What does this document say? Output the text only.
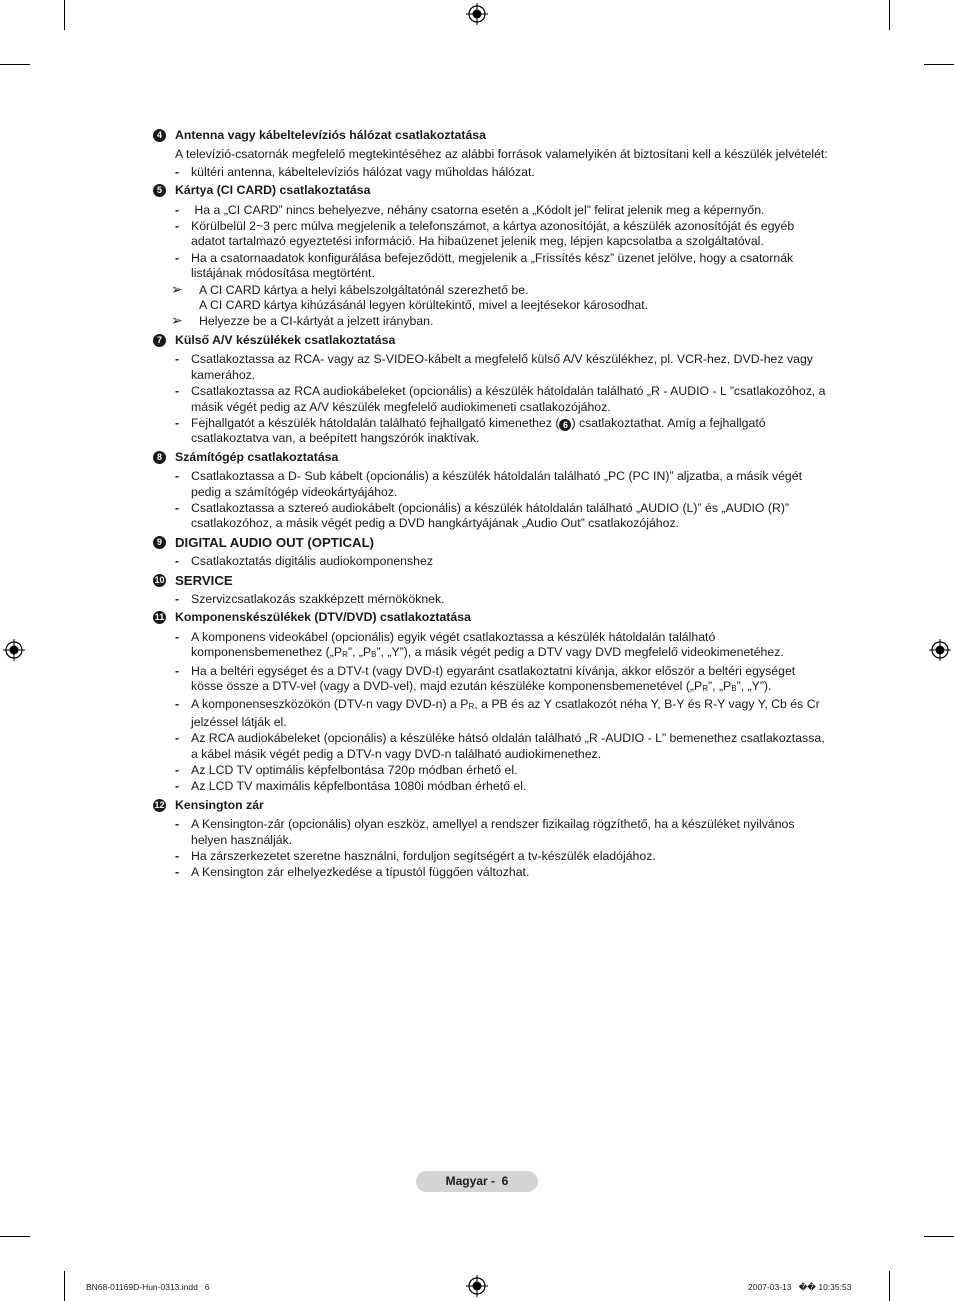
4	Antenna vagy kábeltelevíziós hálózat csatlakoztatása
A televízió-csatornák megfelelő megtekintéséhez az alábbi források valamelyikén át biztosítani kell a készülék jelvételét:
- kültéri antenna, kábeltelevíziós hálózat vagy műholdas hálózat.
5	Kártya (CI CARD) csatlakoztatása
- Ha a „CI CARD” nincs behelyezve, néhány csatorna esetén a „Kódolt jel” felirat jelenik meg a képernyőn.
- Körülbelül 2~3 perc múlva megjelenik a telefonszámot, a kártya azonosítóját, a készülék azonosítóját és egyéb adatot tartalmazó egyeztetési információ. Ha hibaüzenet jelenik meg, lépjen kapcsolatba a szolgáltatóval.
- Ha a csatornaadatok konfigurálása befejeződött, megjelenik a „Frissítés kész” üzenet jelölve, hogy a csatornák listájának módosítása megtörtént.
➢ A CI CARD kártya a helyi kábelszolgáltatónál szerezhető be.
A CI CARD kártya kihúzásánál legyen körültekintő, mivel a leejtésekor károsodhat.
➢ Helyezze be a CI-kártyát a jelzett irányban.
7	Külső A/V készülékek csatlakoztatása
- Csatlakoztassa az RCA- vagy az S-VIDEO-kábelt a megfelelő külső A/V készülékhez, pl. VCR-hez, DVD-hez vagy kamerához.
- Csatlakoztassa az RCA audiokábeleket (opcionális) a készülék hátoldalán található „R - AUDIO - L ”csatlakozóhoz, a másik végét pedig az A/V készülék megfelelő audiokimeneti csatlakozójához.
- Fejhallgatót a készülék hátoldalán található fejhallgató kimenethez ( 6 ) csatlakoztathat. Amíg a fejhallgató csatlakoztatva van, a beépített hangszórók inaktívak.
8	Számítógép csatlakoztatása
- Csatlakoztassa a D- Sub kábelt (opcionális) a készülék hátoldalán található „PC (PC IN)” aljzatba, a másik végét pedig a számítógép videokártyájához.
- Csatlakoztassa a sztereó audiokábelt (opcionális) a készülék hátoldalán található „AUDIO (L)” és „AUDIO (R)” csatlakozóhoz, a másik végét pedig a DVD hangkártyájának „Audio Out” csatlakozójához.
9 DIGITAL AUDIO OUT (OPTICAL)
- Csatlakoztatás digitális audiokomponenshez
10 SERVICE
- Szervizcsatlakozás szakképzett mérnököknek.
11 Komponenskészülékek (DTV/DVD) csatlakoztatása
- A komponens videokábel (opcionális) egyik végét csatlakoztassa a készülék hátoldalán található komponensbemenethez ($„P_R$”, $„P_B$”, „Y”), a másik végét pedig a DTV vagy DVD megfelelő videokimenetéhez.
- Ha a beltéri egységet és a DTV-t (vagy DVD-t) egyaránt csatlakoztatni kívánja, akkor először a beltéri egységet kösse össze a DTV-vel (vagy a DVD-vel), majd ezután készüléke komponensbemenetével ($„P_R$”, $„P_B$”, „Y”).
- A komponenseszközökön (DTV-n vagy DVD-n) a $P_R$, a PB és az Y csatlakozót néha Y, B-Y és R-Y vagy Y, Cb és Cr jelzéssel látják el.
- Az RCA audiokábeleket (opcionális) a készüléke hátsó oldalán található „R -AUDIO - L” bemenethez csatlakoztassa, a kábel másik végét pedig a DTV-n vagy DVD-n található audiokimenethez.
- Az LCD TV optimális képfelbontása 720p módban érhető el.
- Az LCD TV maximális képfelbontása 1080i módban érhető el.
12 Kensington zár
- A Kensington-zár (opcionális) olyan eszköz, amellyel a rendszer fizikailag rögzíthető, ha a készüléket nyilvános helyen használják.
- Ha zárszerkezetet szeretne használni, forduljon segítségért a tv-készülék eladójához.
- A Kensington zár elhelyezkedése a típustól függően változhat.
Magyar -  6
BN68-01169D-Hun-0313.indd   6	2007-03-13   �� 10:35:53
